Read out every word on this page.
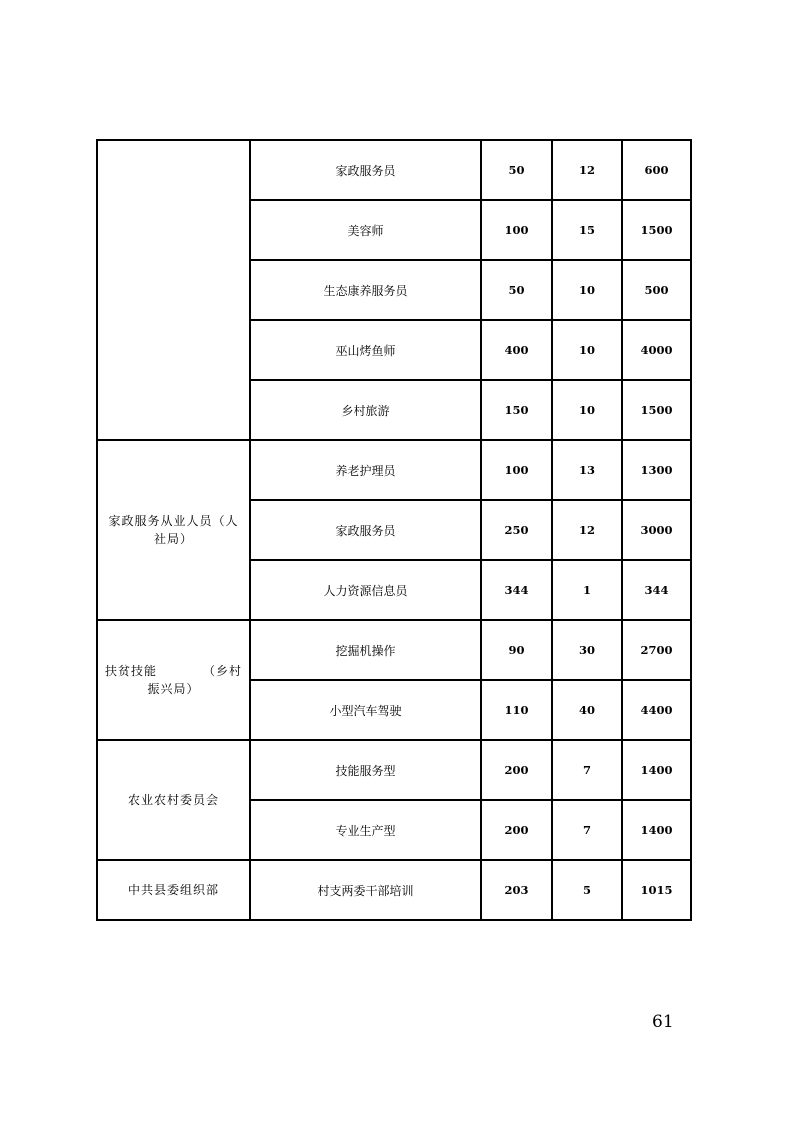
	家政服务员	50	12	600
	美容师	100	15	1500
	生态康养服务员	50	10	500
	巫山烤鱼师	400	10	4000
	乡村旅游	150	10	1500
家政服务从业人员（人社局）	养老护理员	100	13	1300
	家政服务员	250	12	3000
	人力资源信息员	344	1	344
扶贫技能　　　　（乡村振兴局）	挖掘机操作	90	30	2700
	小型汽车驾驶	110	40	4400
农业农村委员会	技能服务型	200	7	1400
	专业生产型	200	7	1400
中共县委组织部	村支两委干部培训	203	5	1015
61
